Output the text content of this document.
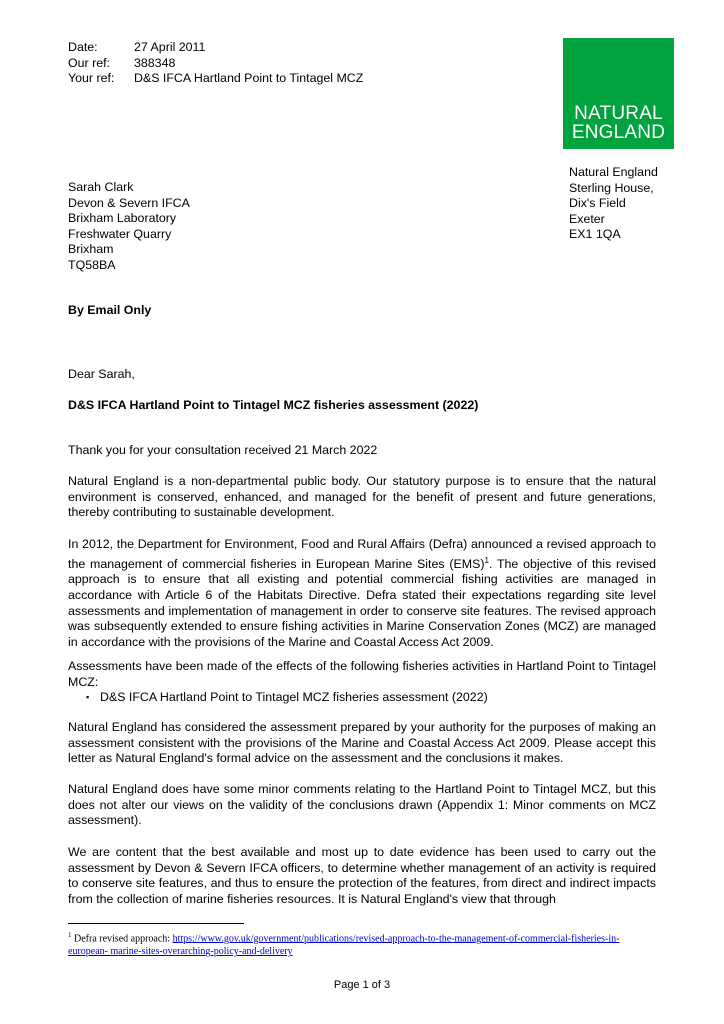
Date:	27 April 2011
Our ref:	388348
Your ref:	D&S IFCA Hartland Point to Tintagel MCZ
NATURAL
ENGLAND
Natural England
Sterling House,
Dix's Field
Exeter
EX1 1QA
Sarah Clark
Devon & Severn IFCA
Brixham Laboratory
Freshwater Quarry
Brixham
TQ58BA
By Email Only
Dear Sarah,
D&S IFCA Hartland Point to Tintagel MCZ fisheries assessment (2022)
Thank you for your consultation received 21 March 2022
Natural England is a non-departmental public body. Our statutory purpose is to ensure that the natural environment is conserved, enhanced, and managed for the benefit of present and future generations, thereby contributing to sustainable development.
In 2012, the Department for Environment, Food and Rural Affairs (Defra) announced a revised approach to the management of commercial fisheries in European Marine Sites (EMS)$^1$. The objective of this revised approach is to ensure that all existing and potential commercial fishing activities are managed in accordance with Article 6 of the Habitats Directive. Defra stated their expectations regarding site level assessments and implementation of management in order to conserve site features. The revised approach was subsequently extended to ensure fishing activities in Marine Conservation Zones (MCZ) are managed in accordance with the provisions of the Marine and Coastal Access Act 2009.
Assessments have been made of the effects of the following fisheries activities in Hartland Point to Tintagel MCZ:
▪ D&S IFCA Hartland Point to Tintagel MCZ fisheries assessment (2022)
Natural England has considered the assessment prepared by your authority for the purposes of making an assessment consistent with the provisions of the Marine and Coastal Access Act 2009. Please accept this letter as Natural England's formal advice on the assessment and the conclusions it makes.
Natural England does have some minor comments relating to the Hartland Point to Tintagel MCZ, but this does not alter our views on the validity of the conclusions drawn (Appendix 1: Minor comments on MCZ assessment).
We are content that the best available and most up to date evidence has been used to carry out the assessment by Devon & Severn IFCA officers, to determine whether management of an activity is required to conserve site features, and thus to ensure the protection of the features, from direct and indirect impacts from the collection of marine fisheries resources. It is Natural England's view that through
$^1$ Defra revised approach: https://www.gov.uk/government/publications/revised-approach-to-the-management-of-commercial-fisheries-in-
european- marine-sites-overarching-policy-and-delivery
Page 1 of 3
